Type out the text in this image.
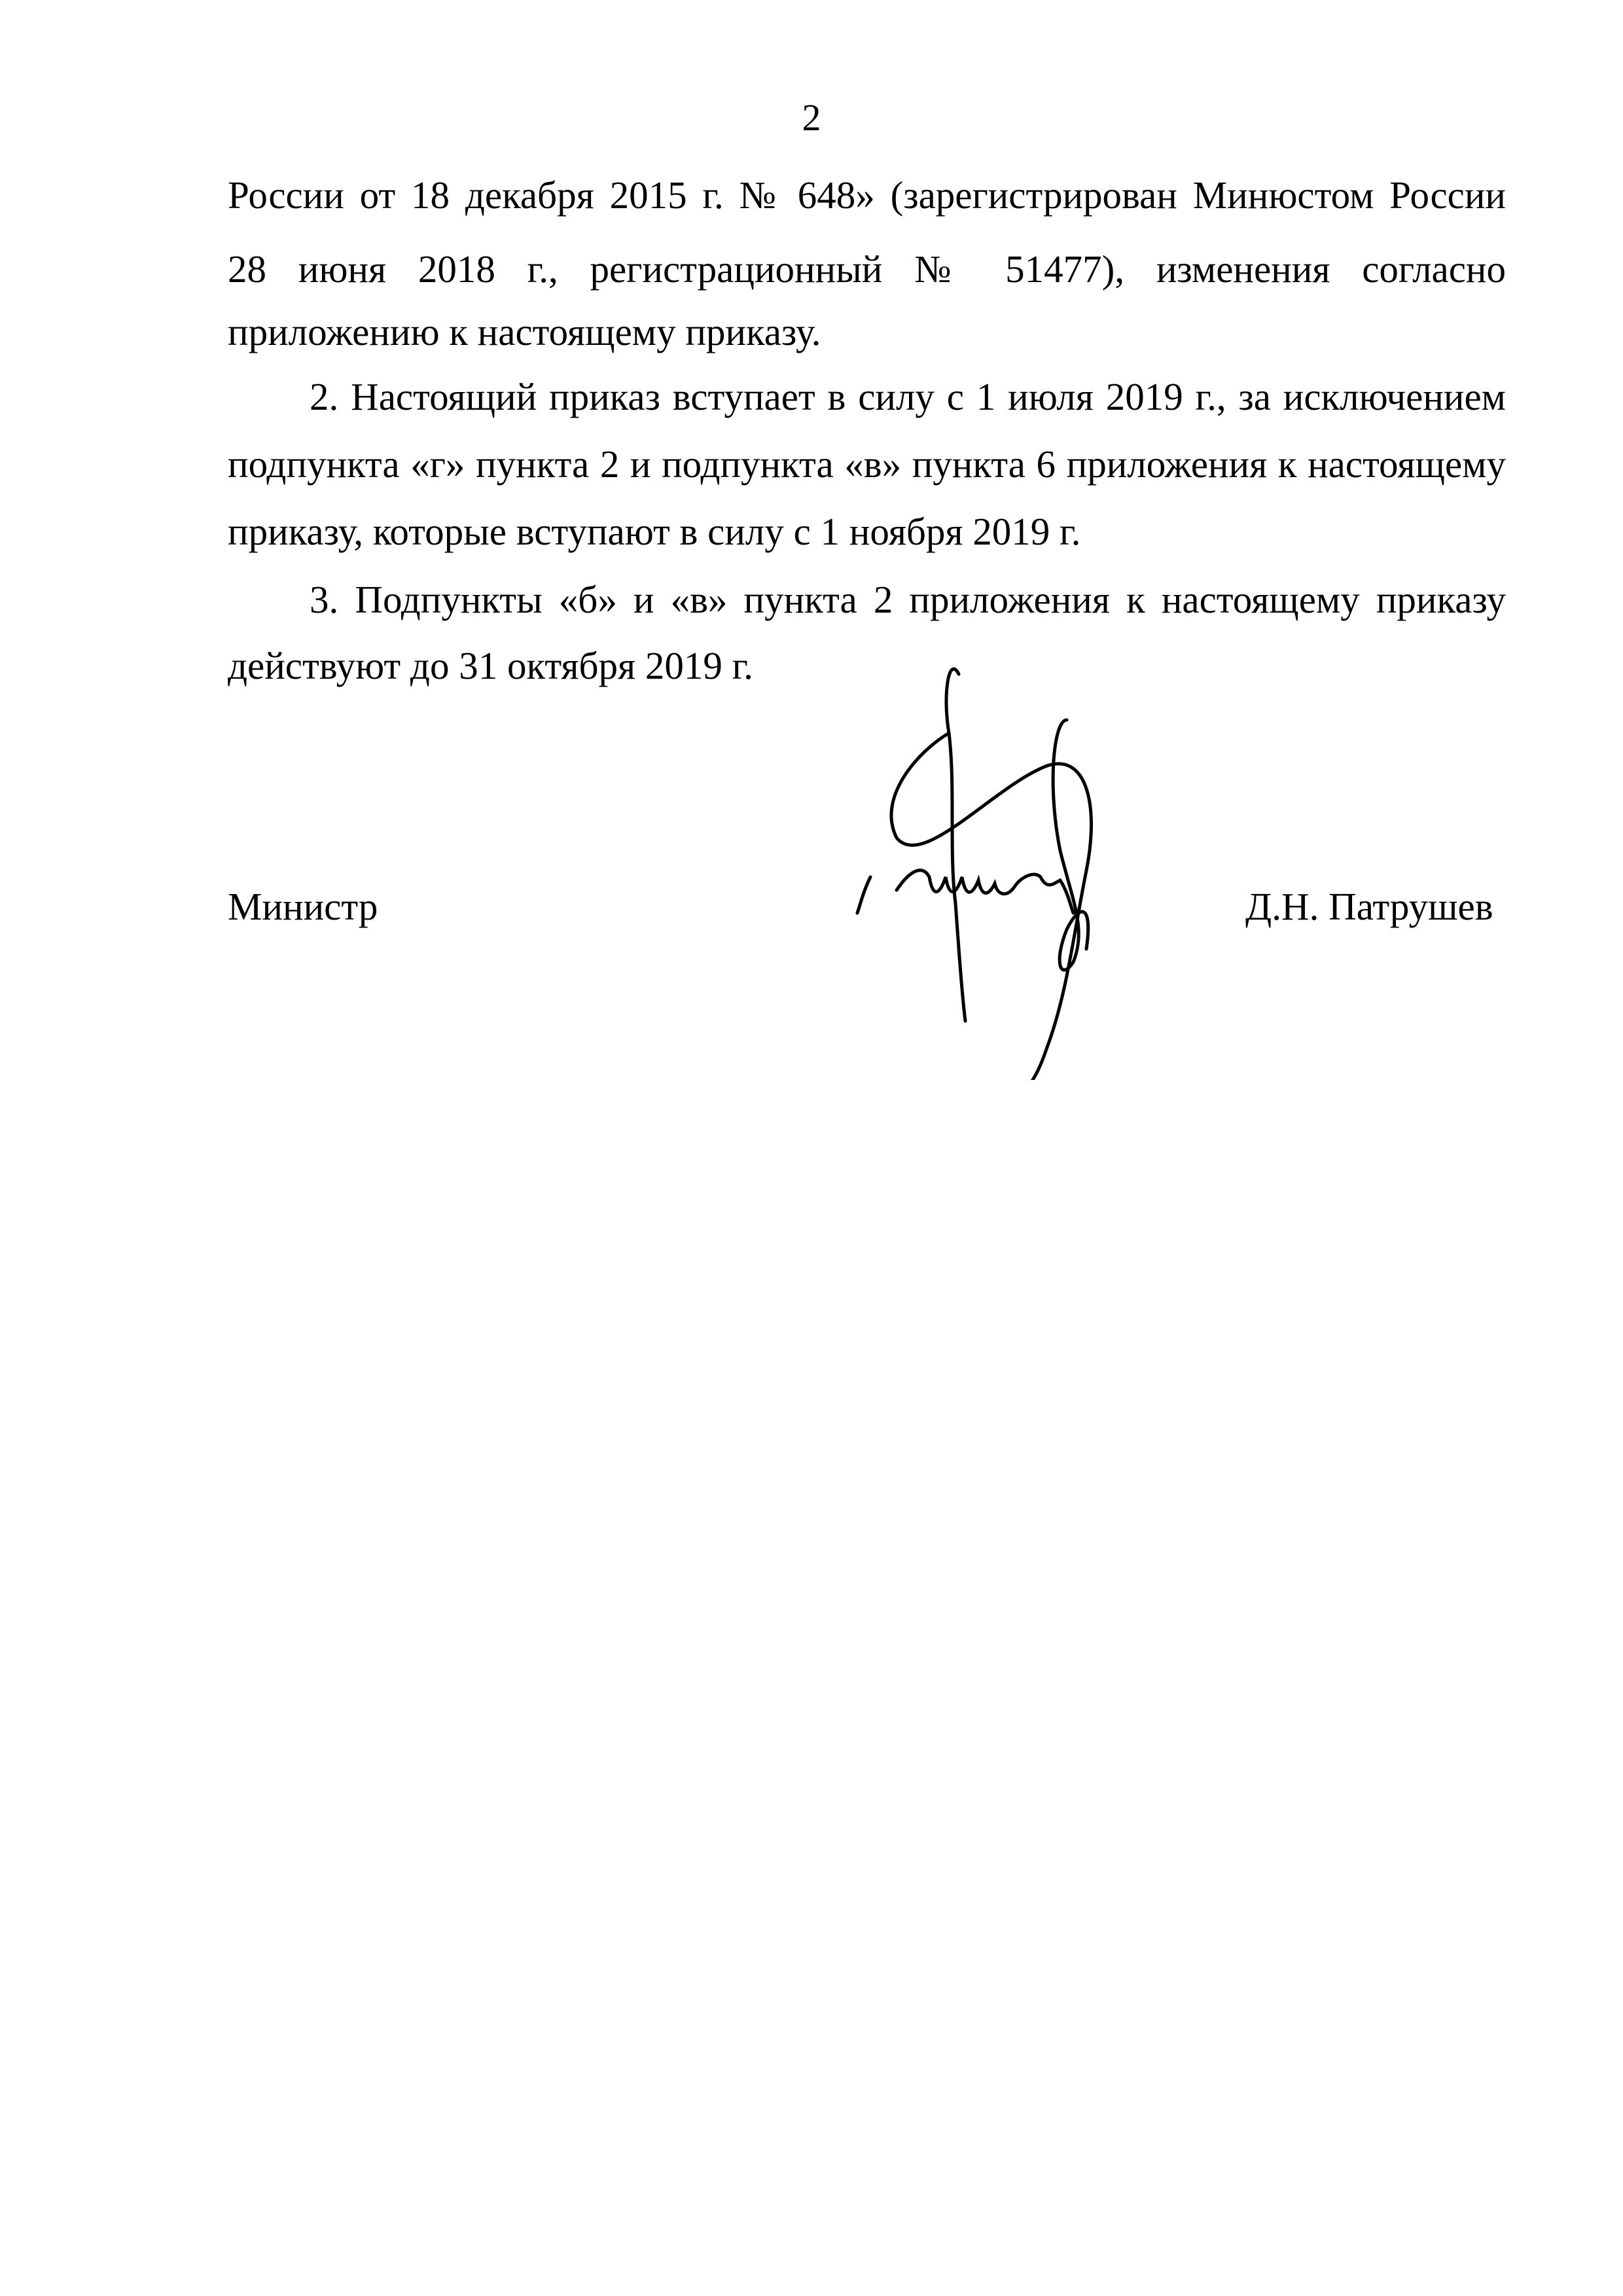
2
России от 18 декабря 2015 г. № 648» (зарегистрирован Минюстом России
28 июня 2018 г., регистрационный № 51477), изменения согласно
приложению к настоящему приказу.
2. Настоящий приказ вступает в силу с 1 июля 2019 г., за исключением
подпункта «г» пункта 2 и подпункта «в» пункта 6 приложения к настоящему
приказу, которые вступают в силу с 1 ноября 2019 г.
3. Подпункты «б» и «в» пункта 2 приложения к настоящему приказу
действуют до 31 октября 2019 г.
Министр	Д.Н. Патрушев
